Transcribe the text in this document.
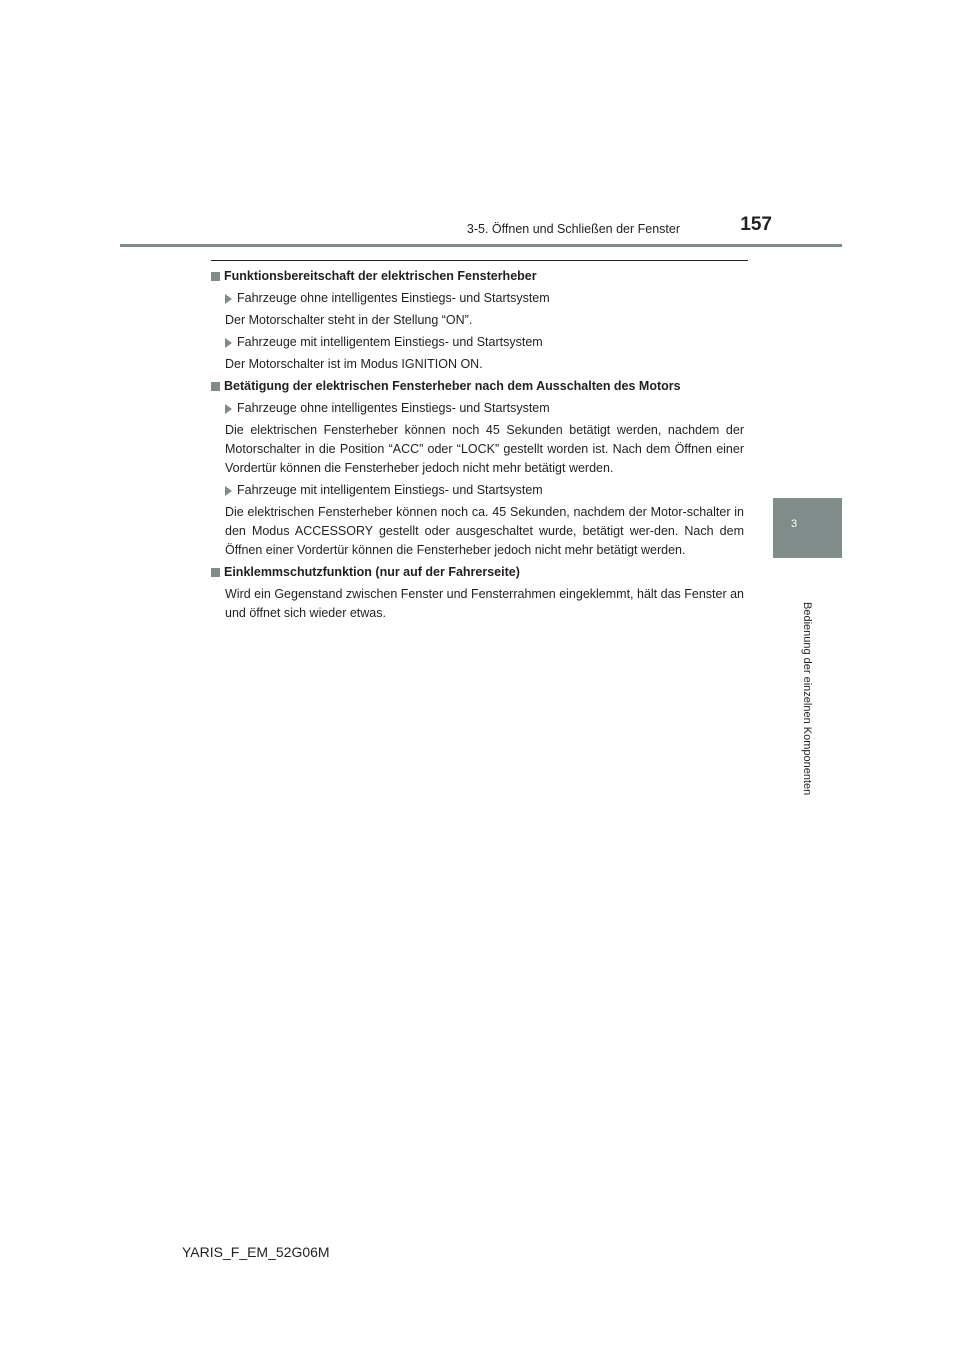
3-5. Öffnen und Schließen der Fenster	157
Funktionsbereitschaft der elektrischen Fensterheber
Fahrzeuge ohne intelligentes Einstiegs- und Startsystem
Der Motorschalter steht in der Stellung “ON”.
Fahrzeuge mit intelligentem Einstiegs- und Startsystem
Der Motorschalter ist im Modus IGNITION ON.
Betätigung der elektrischen Fensterheber nach dem Ausschalten des Motors
Fahrzeuge ohne intelligentes Einstiegs- und Startsystem
Die elektrischen Fensterheber können noch 45 Sekunden betätigt werden, nachdem der Motorschalter in die Position “ACC” oder “LOCK” gestellt worden ist. Nach dem Öffnen einer Vordertür können die Fensterheber jedoch nicht mehr betätigt werden.
Fahrzeuge mit intelligentem Einstiegs- und Startsystem
Die elektrischen Fensterheber können noch ca. 45 Sekunden, nachdem der Motor-schalter in den Modus ACCESSORY gestellt oder ausgeschaltet wurde, betätigt wer-den. Nach dem Öffnen einer Vordertür können die Fensterheber jedoch nicht mehr betätigt werden.
Einklemmschutzfunktion (nur auf der Fahrerseite)
Wird ein Gegenstand zwischen Fenster und Fensterrahmen eingeklemmt, hält das Fenster an und öffnet sich wieder etwas.
3
Bedienung der einzelnen Komponenten
YARIS_F_EM_52G06M
